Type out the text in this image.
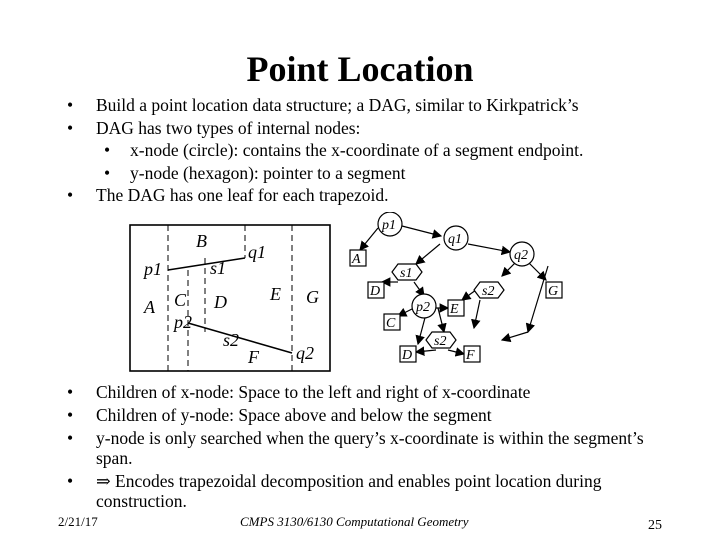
Point Location
• Build a point location data structure; a DAG, similar to Kirkpatrick’s
• DAG has two types of internal nodes:
• x-node (circle): contains the x-coordinate of a segment endpoint.
• y-node (hexagon): pointer to a segment
• The DAG has one leaf for each trapezoid.
B
q1
p1	s1
A C D E G
p2
s2
F q2
p1
q1
p2
q2
s1
s2
s2
A
D
C
E
G
D	F
• Children of x-node: Space to the left and right of x-coordinate
• Children of y-node: Space above and below the segment
• y-node is only searched when the query’s x-coordinate is within the segment’s span.
• ⇒ Encodes trapezoidal decomposition and enables point location during construction.
2/21/17	CMPS 3130/6130 Computational Geometry	25
